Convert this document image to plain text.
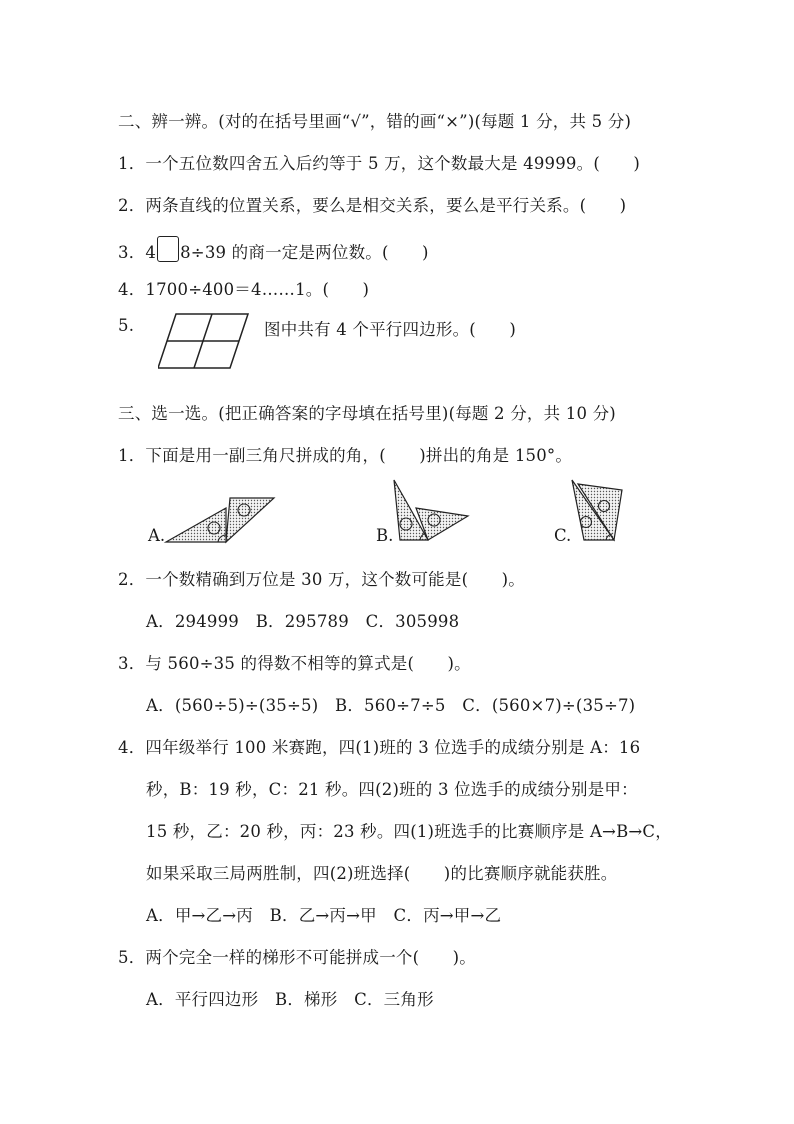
二、辨一辨。(对的在括号里画“√”，错的画“×”)(每题 1 分，共 5 分)
1．一个五位数四舍五入后约等于 5 万，这个数最大是 49999。(　　)
2．两条直线的位置关系，要么是相交关系，要么是平行关系。(　　)
3．4 8÷39 的商一定是两位数。(　　)
4．1700÷400＝4……1。(　　)
5.	图中共有 4 个平行四边形。(　　)
三、选一选。(把正确答案的字母填在括号里)(每题 2 分，共 10 分)
1．下面是用一副三角尺拼成的角，(　　)拼出的角是 150°。
A.	B.	C.
2．一个数精确到万位是 30 万，这个数可能是(　　)。
A．294999　B．295789　C．305998
3．与 560÷35 的得数不相等的算式是(　　)。
A．(560÷5)÷(35÷5)　B．560÷7÷5　C．(560×7)÷(35÷7)
4．四年级举行 100 米赛跑，四(1)班的 3 位选手的成绩分别是 A：16
秒，B：19 秒，C：21 秒。四(2)班的 3 位选手的成绩分别是甲：
15 秒，乙：20 秒，丙：23 秒。四(1)班选手的比赛顺序是 A→B→C，
如果采取三局两胜制，四(2)班选择(　　)的比赛顺序就能获胜。
A．甲→乙→丙　B．乙→丙→甲　C．丙→甲→乙
5．两个完全一样的梯形不可能拼成一个(　　)。
A．平行四边形　B．梯形　C．三角形
